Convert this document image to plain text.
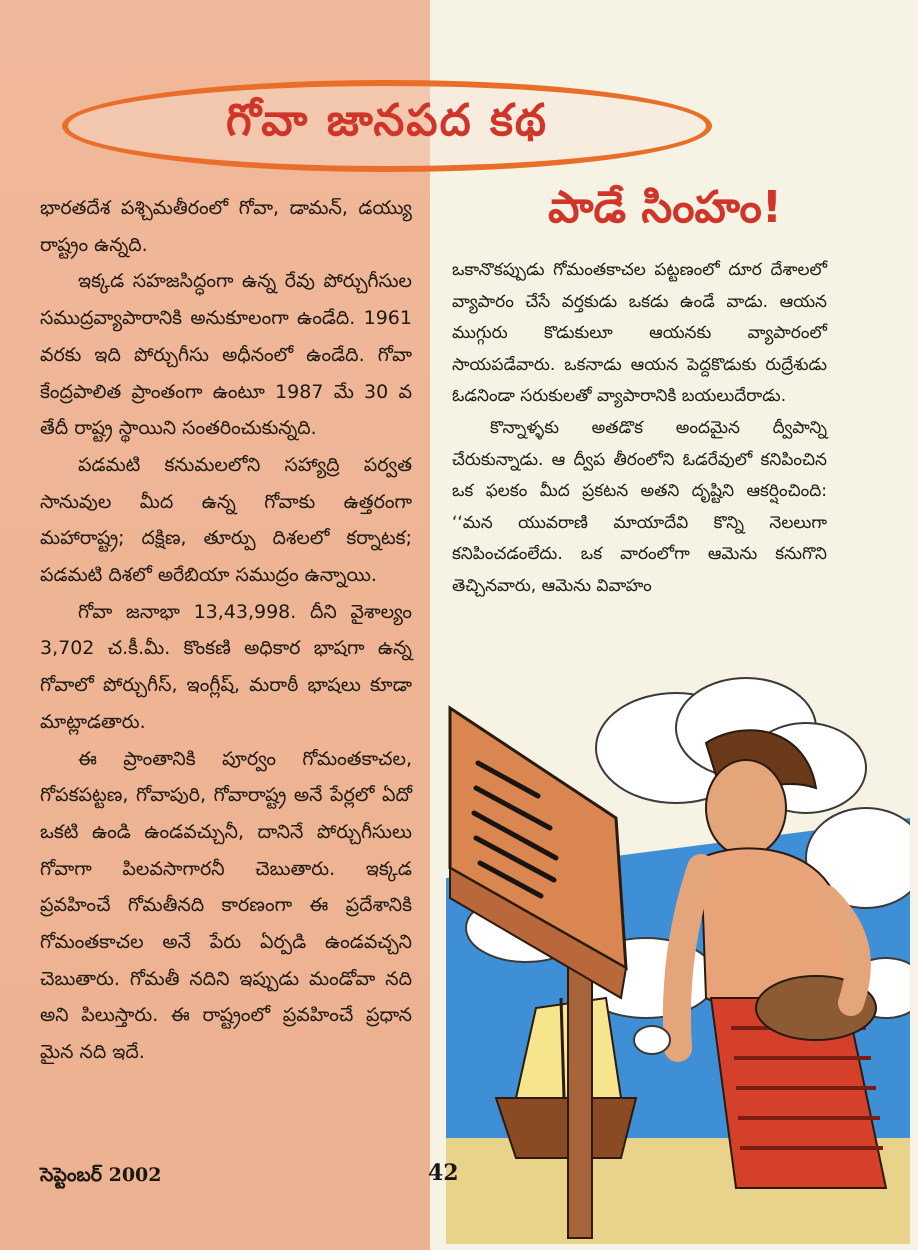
గోవా జానపద కథ
పాడే సింహం!

భారతదేశ పశ్చిమతీరంలో గోవా, డామన్, డయ్యు రాష్ట్రం ఉన్నది.

ఇక్కడ సహజసిద్ధంగా ఉన్న రేవు పోర్చుగీసుల సముద్రవ్యాపారానికి అనుకూలంగా ఉండేది. 1961 వరకు ఇది పోర్చుగీసు అధీనంలో ఉండేది. గోవా కేంద్రపాలిత ప్రాంతంగా ఉంటూ 1987 మే 30 వ తేదీ రాష్ట్ర స్థాయిని సంతరించుకున్నది.

పడమటి కనుమలలోని సహ్యాద్రి పర్వత సానువుల మీద ఉన్న గోవాకు ఉత్తరంగా మహారాష్ట్ర; దక్షిణ, తూర్పు దిశలలో కర్నాటక; పడమటి దిశలో అరేబియా సముద్రం ఉన్నాయి.

గోవా జనాభా 13,43,998. దీని వైశాల్యం 3,702 చ.కీ.మీ. కొంకణి అధికార భాషగా ఉన్న గోవాలో పోర్చుగీస్, ఇంగ్లీష్, మరాఠీ భాషలు కూడా మాట్లాడతారు.

ఈ ప్రాంతానికి పూర్వం గోమంతకాచల, గోపకపట్టణ, గోవాపురి, గోవారాష్ట్ర అనే పేర్లలో ఏదో ఒకటి ఉండి ఉండవచ్చునీ, దానినే పోర్చుగీసులు గోవాగా పిలవసాగారనీ చెబుతారు. ఇక్కడ ప్రవహించే గోమతీనది కారణంగా ఈ ప్రదేశానికి గోమంతకాచల అనే పేరు ఏర్పడి ఉండవచ్చని చెబుతారు. గోమతీ నదిని ఇప్పుడు మండోవా నది అని పిలుస్తారు. ఈ రాష్ట్రంలో ప్రవహించే ప్రధాన మైన నది ఇదే.

ఒకానొకప్పుడు గోమంతకాచల పట్టణంలో దూర దేశాలలో వ్యాపారం చేసే వర్తకుడు ఒకడు ఉండే వాడు. ఆయన ముగ్గురు కొడుకులూ ఆయనకు వ్యాపారంలో సాయపడేవారు. ఒకనాడు ఆయన పెద్దకొడుకు రుద్రేశుడు ఓడనిండా సరుకులతో వ్యాపారానికి బయలుదేరాడు.

కొన్నాళ్ళకు అతడొక అందమైన ద్వీపాన్ని చేరుకున్నాడు. ఆ ద్వీప తీరంలోని ఓడరేవులో కనిపించిన ఒక ఫలకం మీద ప్రకటన అతని దృష్టిని ఆకర్షించింది: ‘‘మన యువరాణి మాయాదేవి కొన్ని నెలలుగా కనిపించడంలేదు. ఒక వారంలోగా ఆమెను కనుగొని తెచ్చినవారు, ఆమెను వివాహం

సెప్టెంబర్ 2002	42
